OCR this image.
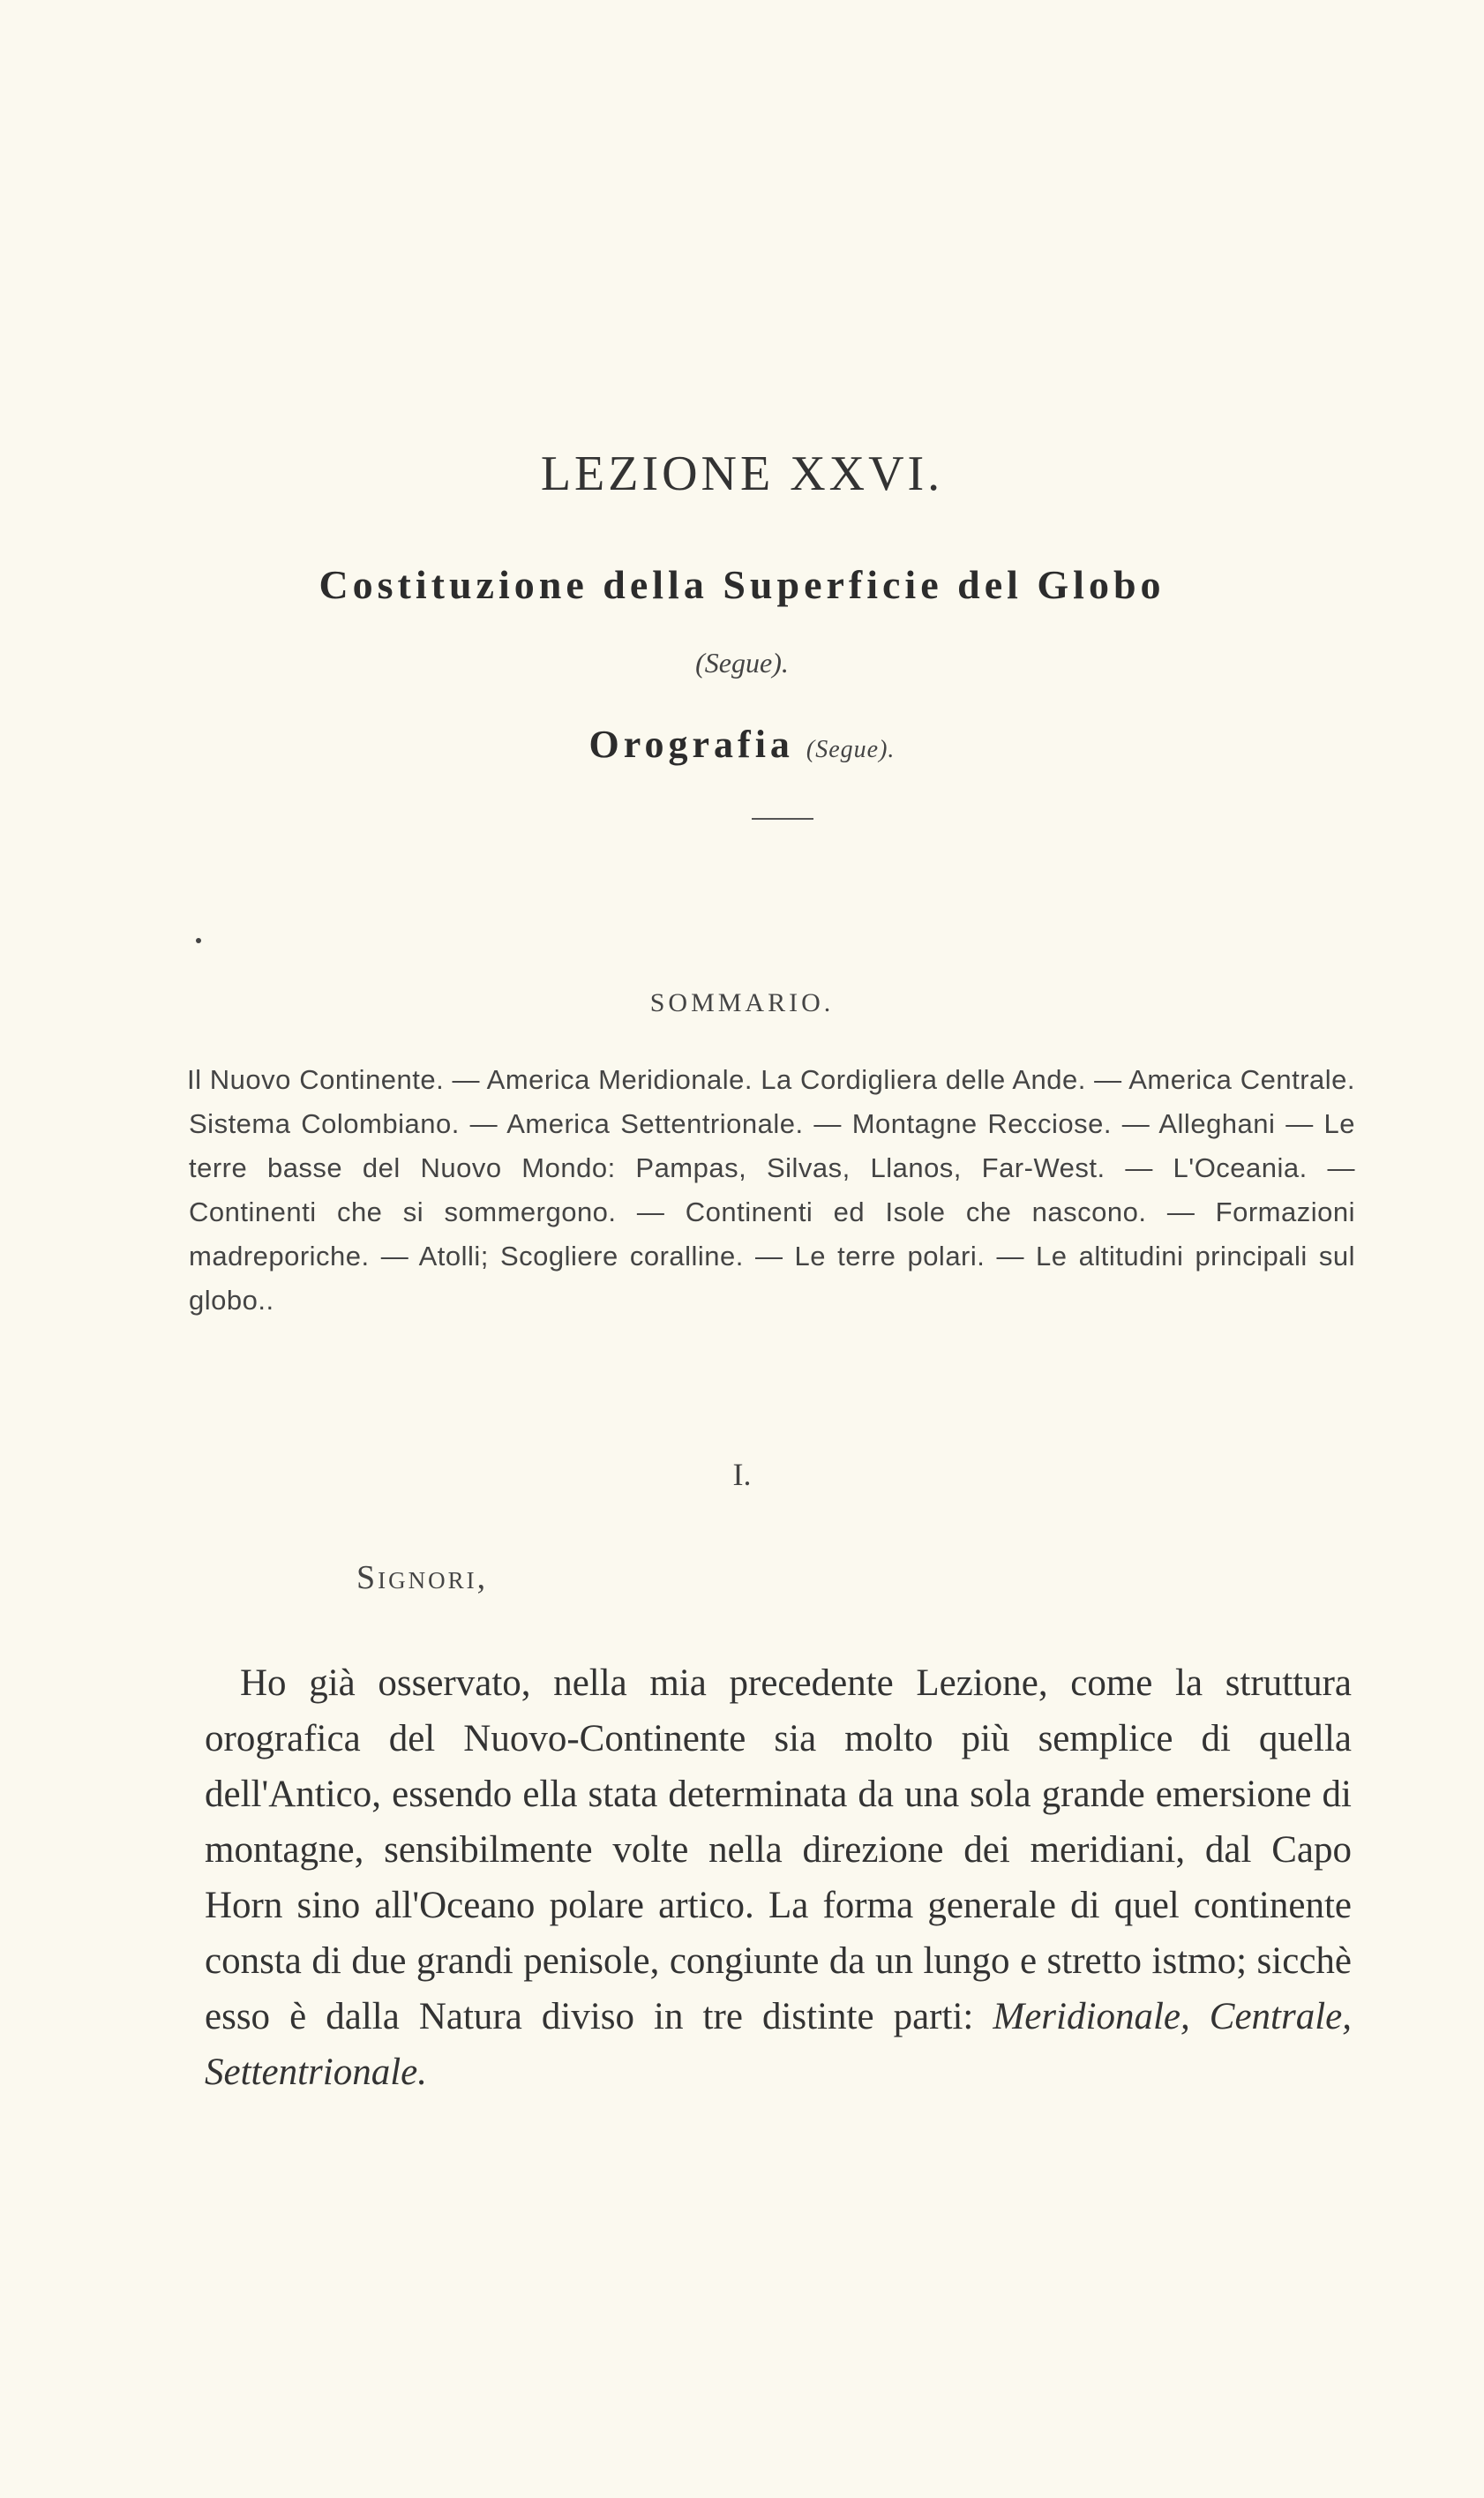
LEZIONE XXVI.
Costituzione della Superficie del Globo
(Segue).
Orografia (Segue).
SOMMARIO.
Il Nuovo Continente. — America Meridionale. La Cordigliera delle Ande. — America Centrale. Sistema Colombiano. — America Settentrionale. — Montagne Recciose. — Alleghani — Le terre basse del Nuovo Mondo: Pampas, Silvas, Llanos, Far-West. — L'Oceania. — Continenti che si sommergono. — Continenti ed Isole che nascono. — Formazioni madreporiche. — Atolli; Scogliere coralline. — Le terre polari. — Le altitudini principali sul globo..
I.
Signori,
Ho già osservato, nella mia precedente Lezione, come la struttura orografica del Nuovo-Continente sia molto più semplice di quella dell'Antico, essendo ella stata determinata da una sola grande emersione di montagne, sensibilmente volte nella direzione dei meridiani, dal Capo Horn sino all'Oceano polare artico. La forma generale di quel continente consta di due grandi penisole, congiunte da un lungo e stretto istmo; sicchè esso è dalla Natura diviso in tre distinte parti: Meridionale, Centrale, Settentrionale.
